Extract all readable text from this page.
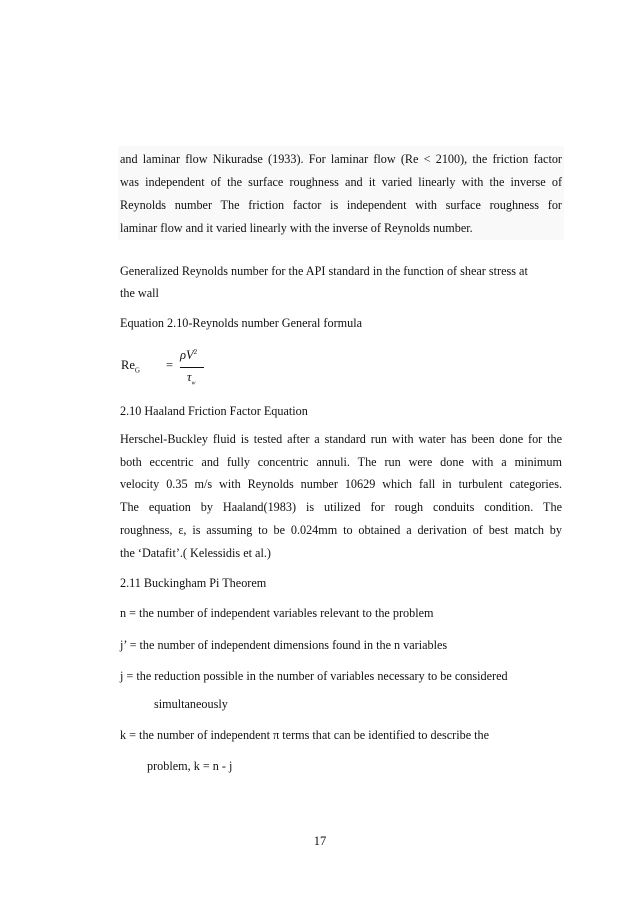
and laminar flow Nikuradse (1933). For laminar flow (Re < 2100), the friction factor
was independent of the surface roughness and it varied linearly with the inverse of
Reynolds number The friction factor is independent with surface roughness for
laminar flow and it varied linearly with the inverse of Reynolds number.
Generalized Reynolds number for the API standard in the function of shear stress at
the wall
Equation 2.10-Reynolds number General formula
$Re_G$ =
$\rho V^2$
$\tau_w$
2.10 Haaland Friction Factor Equation
Herschel-Buckley fluid is tested after a standard run with water has been done for the
both eccentric and fully concentric annuli. The run were done with a minimum
velocity 0.35 m/s with Reynolds number 10629 which fall in turbulent categories.
The equation by Haaland(1983) is utilized for rough conduits condition. The
roughness, ε, is assuming to be 0.024mm to obtained a derivation of best match by
the ‘Datafit’.( Kelessidis et al.)
2.11 Buckingham Pi Theorem
n = the number of independent variables relevant to the problem
j’ = the number of independent dimensions found in the n variables
j = the reduction possible in the number of variables necessary to be considered
simultaneously
k = the number of independent π terms that can be identified to describe the
problem, k = n - j
17
